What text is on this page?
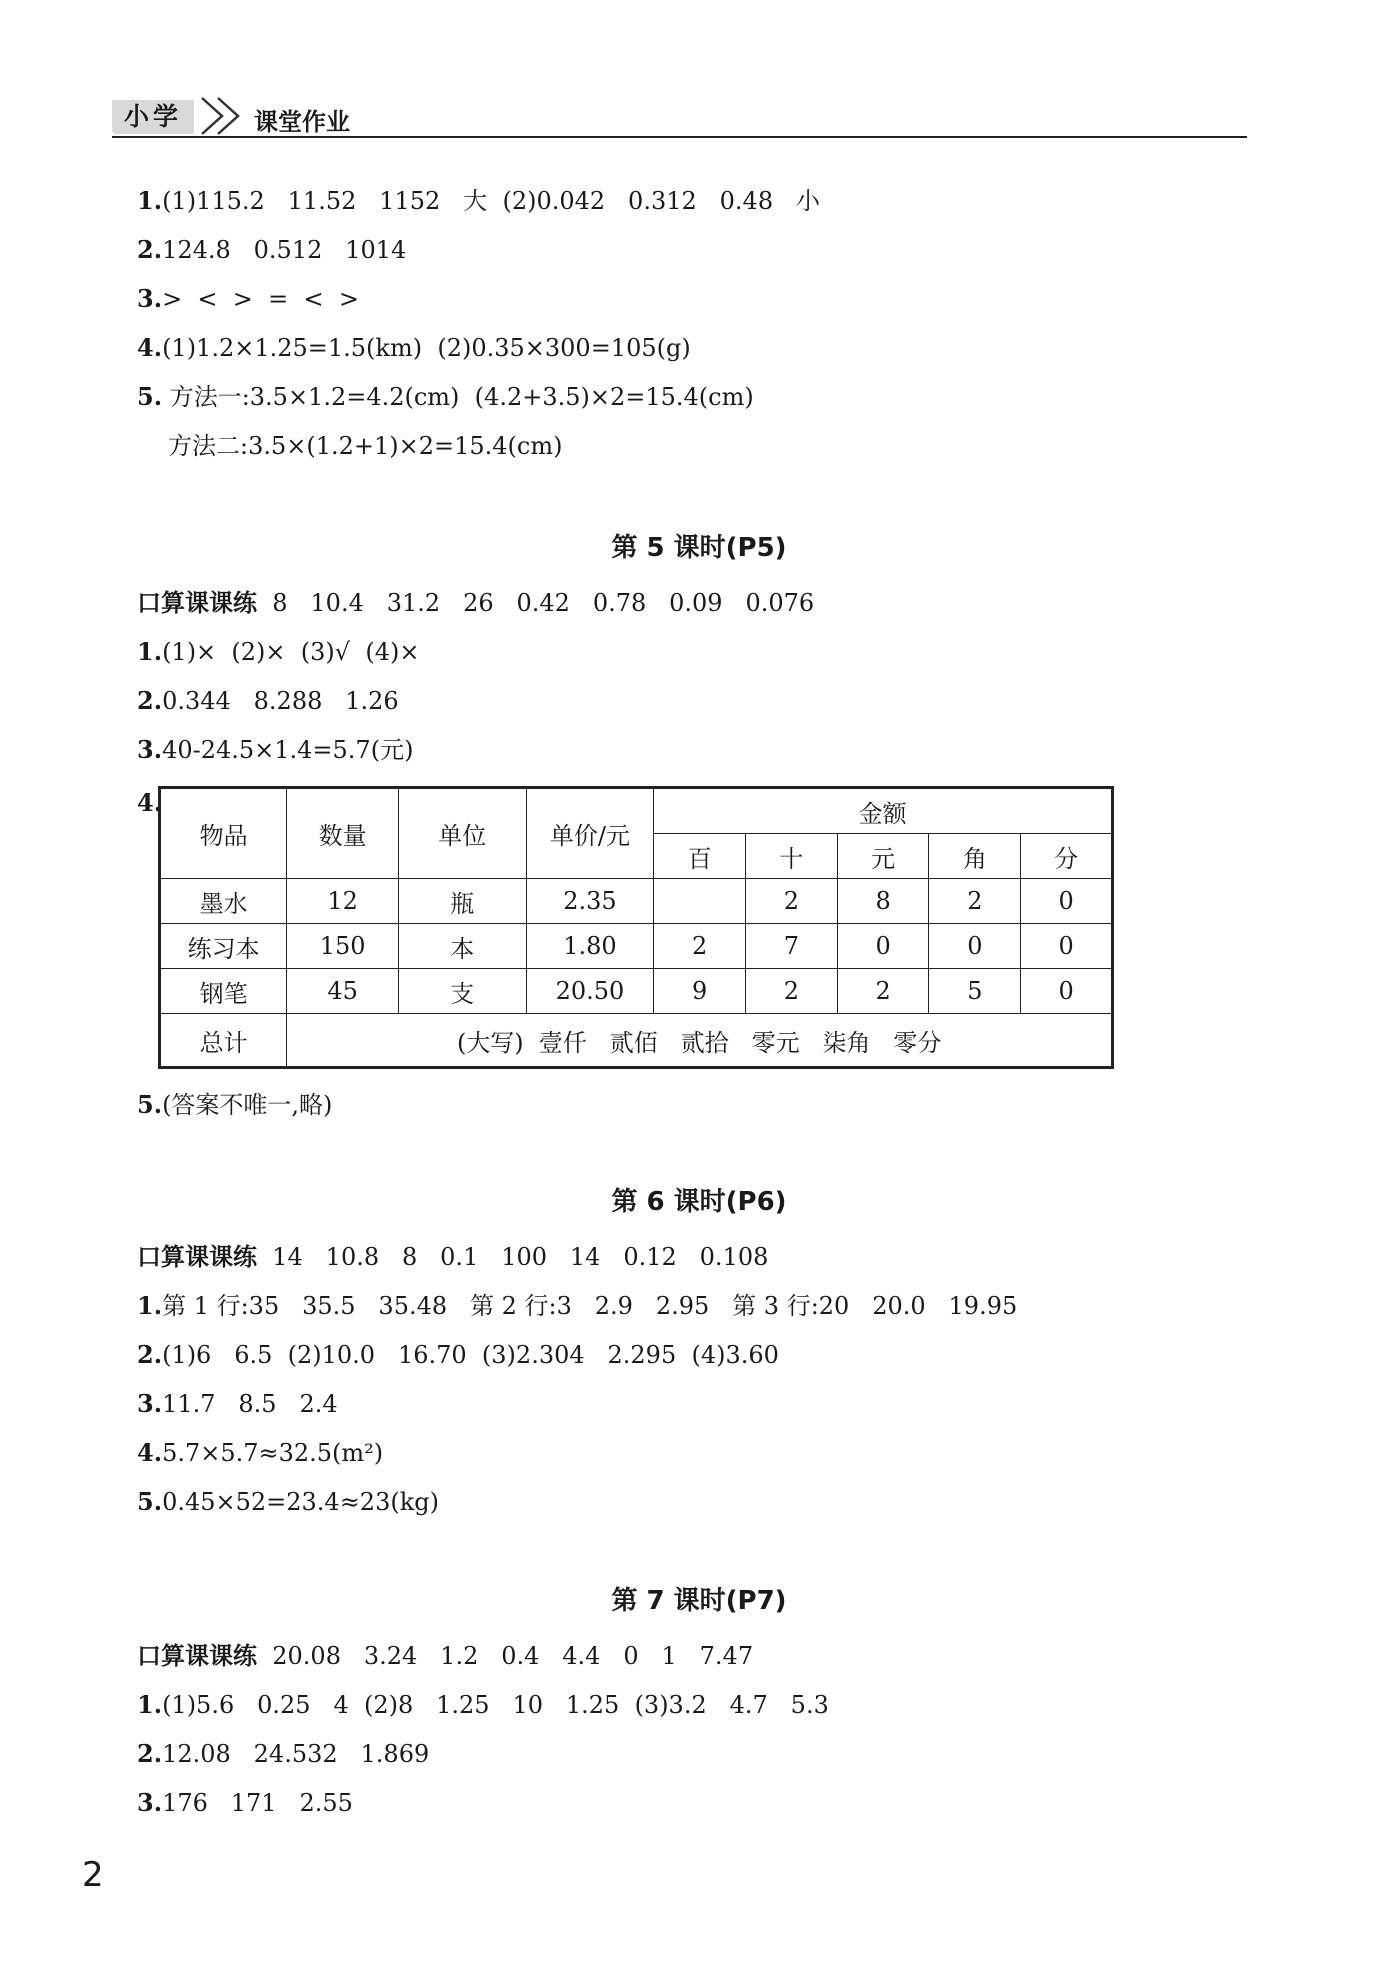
小学	课堂作业
1.(1)115.2   11.52   1152   大  (2)0.042   0.312   0.48   小
2.124.8   0.512   1014
3.>  <  >  =  <  >
4.(1)1.2×1.25=1.5(km)  (2)0.35×300=105(g)
5. 方法一:3.5×1.2=4.2(cm)  (4.2+3.5)×2=15.4(cm)
方法二:3.5×(1.2+1)×2=15.4(cm)
第 5 课时(P5)
口算课课练  8   10.4   31.2   26   0.42   0.78   0.09   0.076
1.(1)×  (2)×  (3)√  (4)×
2.0.344   8.288   1.26
3.40-24.5×1.4=5.7(元)
4.
物品	数量	单位	单价/元	金额				
				百	十	元	角	分
墨水	12	瓶	2.35		2	8	2	0
练习本	150	本	1.80	2	7	0	0	0
钢笔	45	支	20.50	9	2	2	5	0
总计	(大写)  壹仟   贰佰   贰拾   零元   柒角   零分							
5.(答案不唯一,略)
第 6 课时(P6)
口算课课练  14   10.8   8   0.1   100   14   0.12   0.108
1.第 1 行:35   35.5   35.48   第 2 行:3   2.9   2.95   第 3 行:20   20.0   19.95
2.(1)6   6.5  (2)10.0   16.70  (3)2.304   2.295  (4)3.60
3.11.7   8.5   2.4
4.5.7×5.7≈32.5(m²)
5.0.45×52=23.4≈23(kg)
第 7 课时(P7)
口算课课练  20.08   3.24   1.2   0.4   4.4   0   1   7.47
1.(1)5.6   0.25   4  (2)8   1.25   10   1.25  (3)3.2   4.7   5.3
2.12.08   24.532   1.869
3.176   171   2.55
2
